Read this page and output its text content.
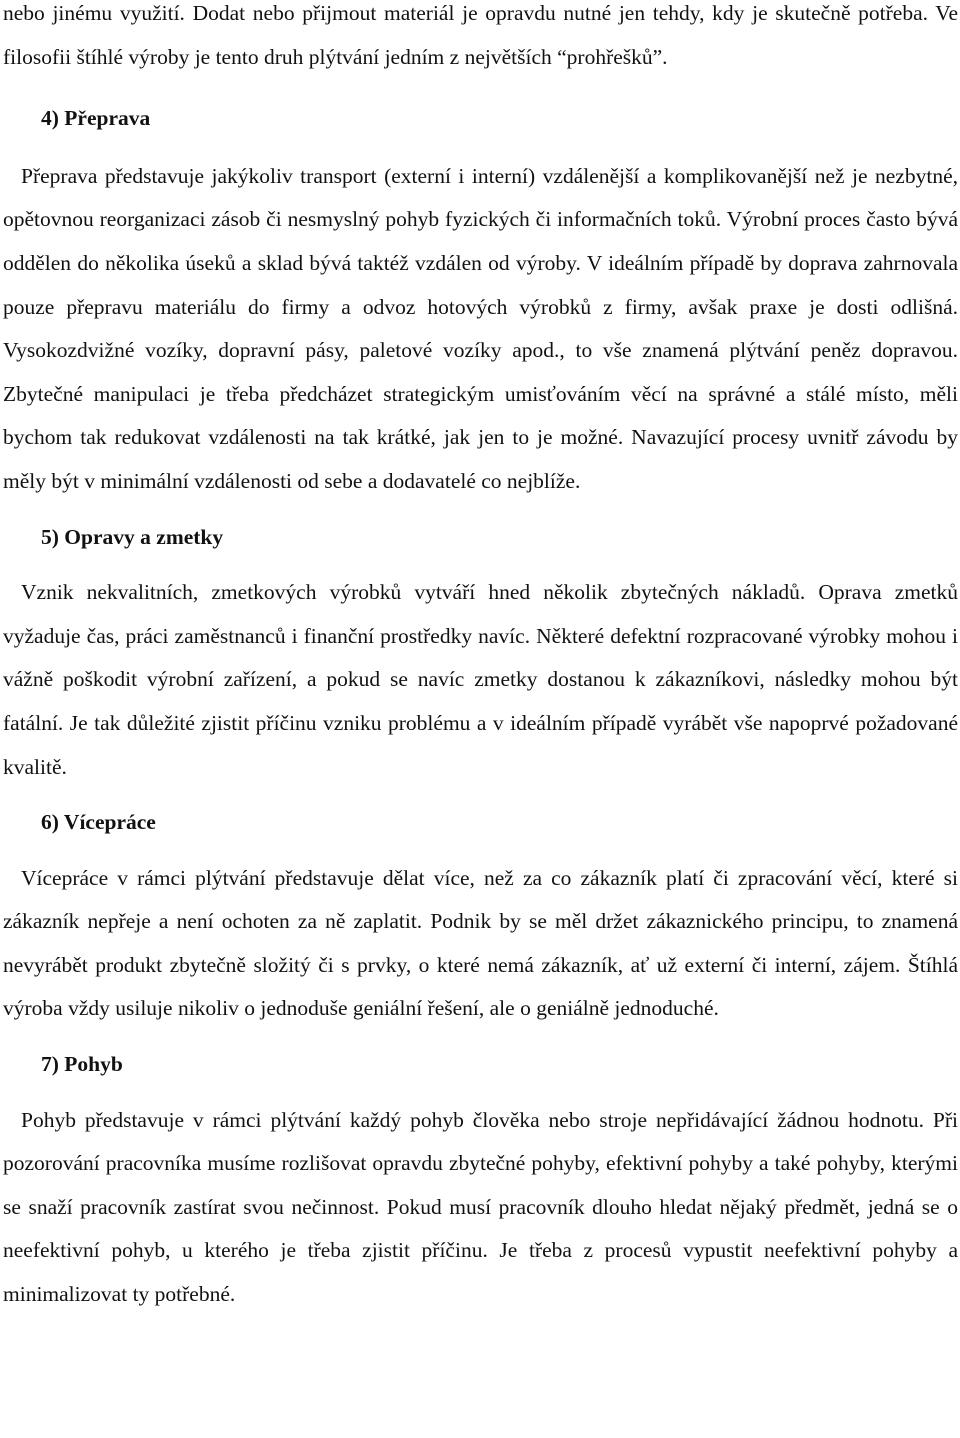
nebo jinému využití. Dodat nebo přijmout materiál je opravdu nutné jen tehdy, kdy je skutečně potřeba. Ve filosofii štíhlé výroby je tento druh plýtvání jedním z největších “prohřešků”.

4) Přeprava

Přeprava představuje jakýkoliv transport (externí i interní) vzdálenější a komplikovanější než je nezbytné, opětovnou reorganizaci zásob či nesmyslný pohyb fyzických či informačních toků. Výrobní proces často bývá oddělen do několika úseků a sklad bývá taktéž vzdálen od výroby. V ideálním případě by doprava zahrnovala pouze přepravu materiálu do firmy a odvoz hotových výrobků z firmy, avšak praxe je dosti odlišná. Vysokozdvižné vozíky, dopravní pásy, paletové vozíky apod., to vše znamená plýtvání peněz dopravou. Zbytečné manipulaci je třeba předcházet strategickým umisťováním věcí na správné a stálé místo, měli bychom tak redukovat vzdálenosti na tak krátké, jak jen to je možné. Navazující procesy uvnitř závodu by měly být v minimální vzdálenosti od sebe a dodavatelé co nejblíže.

5) Opravy a zmetky

Vznik nekvalitních, zmetkových výrobků vytváří hned několik zbytečných nákladů. Oprava zmetků vyžaduje čas, práci zaměstnanců i finanční prostředky navíc. Některé defektní rozpracované výrobky mohou i vážně poškodit výrobní zařízení, a pokud se navíc zmetky dostanou k zákazníkovi, následky mohou být fatální. Je tak důležité zjistit příčinu vzniku problému a v ideálním případě vyrábět vše napoprvé požadované kvalitě.

6) Vícepráce

Vícepráce v rámci plýtvání představuje dělat více, než za co zákazník platí či zpracování věcí, které si zákazník nepřeje a není ochoten za ně zaplatit. Podnik by se měl držet zákaznického principu, to znamená nevyrábět produkt zbytečně složitý či s prvky, o které nemá zákazník, ať už externí či interní, zájem. Štíhlá výroba vždy usiluje nikoliv o jednoduše geniální řešení, ale o geniálně jednoduché.

7) Pohyb

Pohyb představuje v rámci plýtvání každý pohyb člověka nebo stroje nepřidávající žádnou hodnotu. Při pozorování pracovníka musíme rozlišovat opravdu zbytečné pohyby, efektivní pohyby a také pohyby, kterými se snaží pracovník zastírat svou nečinnost. Pokud musí pracovník dlouho hledat nějaký předmět, jedná se o neefektivní pohyb, u kterého je třeba zjistit příčinu. Je třeba z procesů vypustit neefektivní pohyby a minimalizovat ty potřebné.
